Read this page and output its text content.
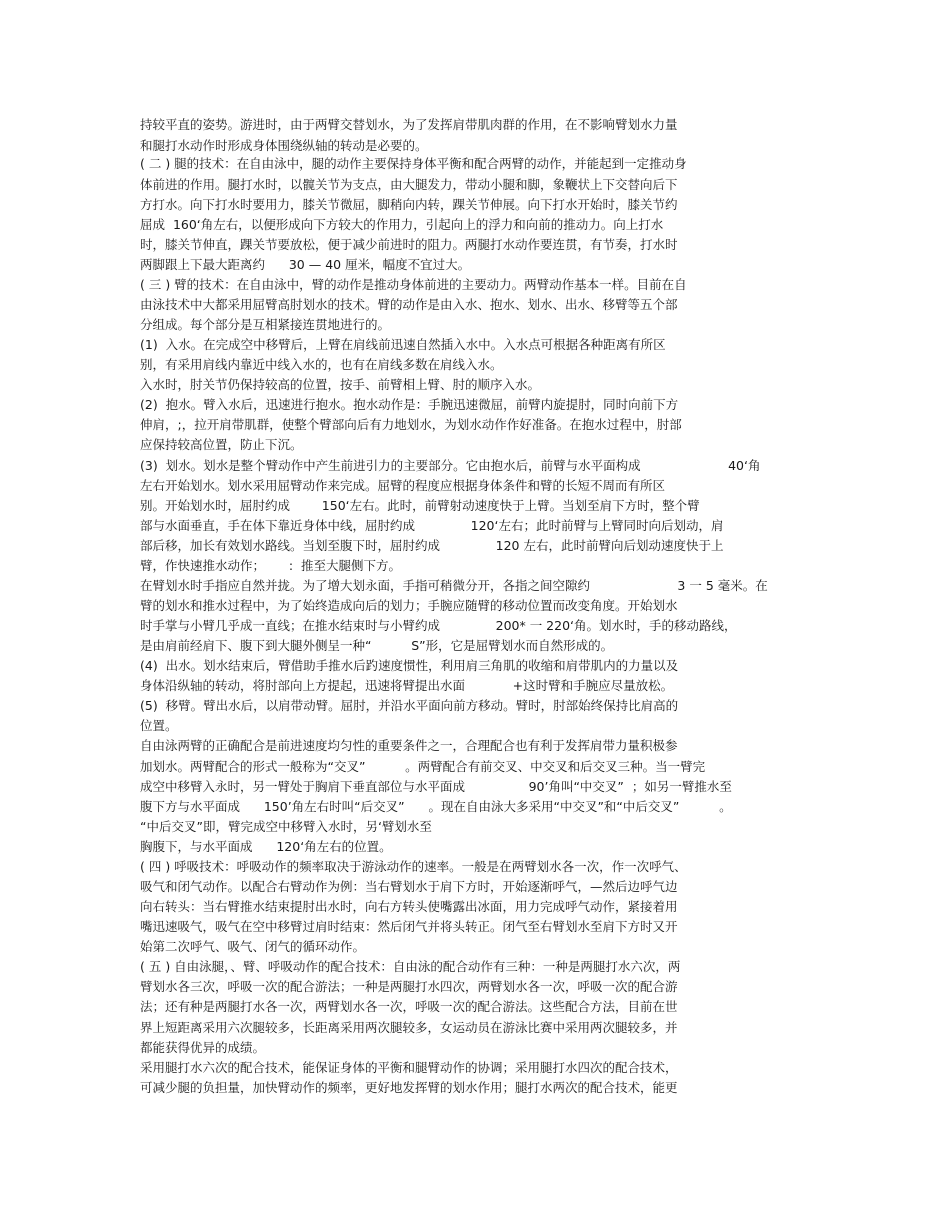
持较平直的姿势。游进时，由于两臂交替划水，为了发挥肩带肌肉群的作用，在不影响臂划水力量
和腿打水动作时形成身体围绕纵轴的转动是必要的。
( 二 ) 腿的技术：在自由泳中，腿的动作主要保持身体平衡和配合两臂的动作，并能起到一定推动身
体前进的作用。腿打水时，以髋关节为支点，由大腿发力，带动小腿和脚，象鞭状上下交替向后下
方打水。向下打水时要用力，膝关节微屈，脚稍向内转，踝关节伸展。向下打水开始时，膝关节约
屈成  160‘角左右，以便形成向下方较大的作用力，引起向上的浮力和向前的推动力。向上打水
时，膝关节伸直，踝关节要放松，便于减少前进时的阻力。两腿打水动作要连贯，有节奏，打水时
两脚跟上下最大距离约      30 — 40 厘米，幅度不宜过大。
( 三 ) 臂的技术：在自由泳中，臂的动作是推动身体前进的主要动力。两臂动作基本一样。目前在自
由泳技术中大都采用屈臂高肘划水的技术。臂的动作是由入水、抱水、划水、出水、移臂等五个部
分组成。每个部分是互相紧接连贯地进行的。
(1)  入水。在完成空中移臂后，上臂在肩线前迅速自然插入水中。入水点可根据各种距离有所区
别，有采用肩线内靠近中线入水的，也有在肩线多数在肩线入水。
入水时，肘关节仍保持较高的位置，按手、前臂相上臂、肘的顺序入水。
(2)  抱水。臂入水后，迅速进行抱水。抱水动作是：手腕迅速微屈，前臂内旋提肘，同时向前下方
伸肩，;，拉开肩带肌群，使整个臂部向后有力地划水，为划水动作作好准备。在抱水过程中，肘部
应保持较高位置，防止下沉。
(3)  划水。划水是整个臂动作中产生前进引力的主要部分。它由抱水后，前臂与水平面构成                      40‘角
左右开始划水。划水采用屈臂动作来完成。屈臂的程度应根据身体条件和臂的长短不周而有所区
别。开始划水时，屈肘约成        150‘左右。此时，前臂射动速度快于上臂。当划至肩下方时，整个臂
部与水面垂直，手在体下靠近身体中线，屈肘约成              120‘左右；此时前臂与上臂同时向后划动，肩
部后移，加长有效划水路线。当划至腹下时，屈肘约成              120 左右，此时前臂向后划动速度快于上
臂，作快速推水动作；      :  推至大腿侧下方。
在臂划水时手指应自然并拢。为了增大划永面，手指可稍微分开，各指之间空隙约                      3 一 5 毫米。在
臂的划水和推水过程中，为了始终造成向后的划力；手腕应随臂的移动位置而改变角度。开始划水
时手掌与小臂几乎成一直线；在推水结束时与小臂约成              200* 一 220‘角。划水时，手的移动路线，
是由肩前经肩下、腹下到大腿外侧呈一种“          S”形，它是屈臂划水而自然形成的。
(4)  出水。划水结束后，臂借助手推水后趵速度惯性，利用肩三角肌的收缩和肩带肌内的力量以及
身体沿纵轴的转动，将肘部向上方提起，迅速将臂提出水面            +这时臂和手腕应尽量放松。
(5)  移臂。臂出水后，以肩带动臂。屈肘，并沿水平面向前方移动。臂时，肘部始终保持比肩高的
位置。
自由泳两臂的正确配合是前进速度均匀性的重要条件之一，合理配合也有利于发挥肩带力量积极参
加划水。两臂配合的形式一般称为“交叉”          。两臂配合有前交叉、中交叉和后交叉三种。当一臂完
成空中移臂入永时，另一臂处于胸肩下垂直部位与水平面成                90’角叫“中交叉”  ；如另一臂推水至
腹下方与水平面成      150’角左右时叫“后交叉”      。现在自由泳大多采用“中交叉”和“中后交叉”          。
“中后交叉”即，臂完成空中移臂入水时，另‘臂划水至
胸腹下，与水平面成      120‘角左右的位置。
( 四 ) 呼吸技术：呼吸动作的频率取决于游泳动作的速率。一般是在两臂划水各一次，作一次呼气、
吸气和闭气动作。以配合右臂动作为例：当右臂划水于肩下方时，开始逐渐呼气，—然后边呼气边
向右转头：当右臂推水结束提肘出水时，向右方转头使嘴露出冰面，用力完成呼气动作，紧接着用
嘴迅速吸气，吸气在空中移臂过肩时结束：然后闭气并将头转正。闭气至右臂划水至肩下方时又开
始第二次呼气、吸气、闭气的循环动作。
( 五 ) 自由泳腿，、臂、呼吸动作的配合技术：自由泳的配合动作有三种：一种是两腿打水六次，两
臂划水各三次，呼吸一次的配合游法；一种是两腿打水四次，两臂划水各一次，呼吸一次的配合游
法；还有种是两腿打水各一次，两臂划水各一次，呼吸一次的配合游法。这些配合方法，目前在世
界上短距离采用六次腿较多，长距离采用两次腿较多，女运动员在游泳比赛中采用两次腿较多，并
都能获得优异的成绩。
采用腿打水六次的配合技术，能保证身体的平衡和腿臂动作的协调；采用腿打水四次的配合技术，
可减少腿的负担量，加快臂动作的频率，更好地发挥臂的划水作用；腿打水两次的配合技术，能更
